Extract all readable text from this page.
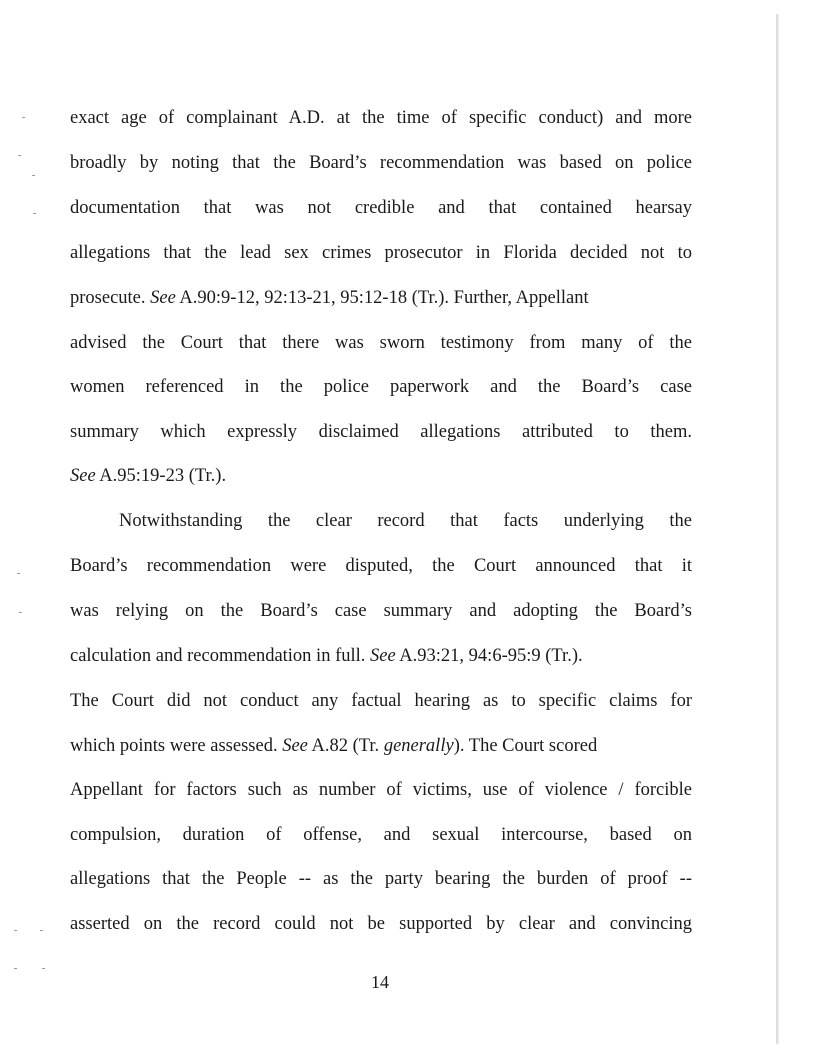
exact age of complainant A.D. at the time of specific conduct) and more
broadly by noting that the Board’s recommendation was based on police
documentation that was not credible and that contained hearsay
allegations that the lead sex crimes prosecutor in Florida decided not to
prosecute. See A.90:9-12, 92:13-21, 95:12-18 (Tr.). Further, Appellant
advised the Court that there was sworn testimony from many of the
women referenced in the police paperwork and the Board’s case
summary which expressly disclaimed allegations attributed to them.
See A.95:19-23 (Tr.).
Notwithstanding the clear record that facts underlying the
Board’s recommendation were disputed, the Court announced that it
was relying on the Board’s case summary and adopting the Board’s
calculation and recommendation in full. See A.93:21, 94:6-95:9 (Tr.).
The Court did not conduct any factual hearing as to specific claims for
which points were assessed. See A.82 (Tr. generally). The Court scored
Appellant for factors such as number of victims, use of violence / forcible
compulsion, duration of offense, and sexual intercourse, based on
allegations that the People -- as the party bearing the burden of proof --
asserted on the record could not be supported by clear and convincing
14
